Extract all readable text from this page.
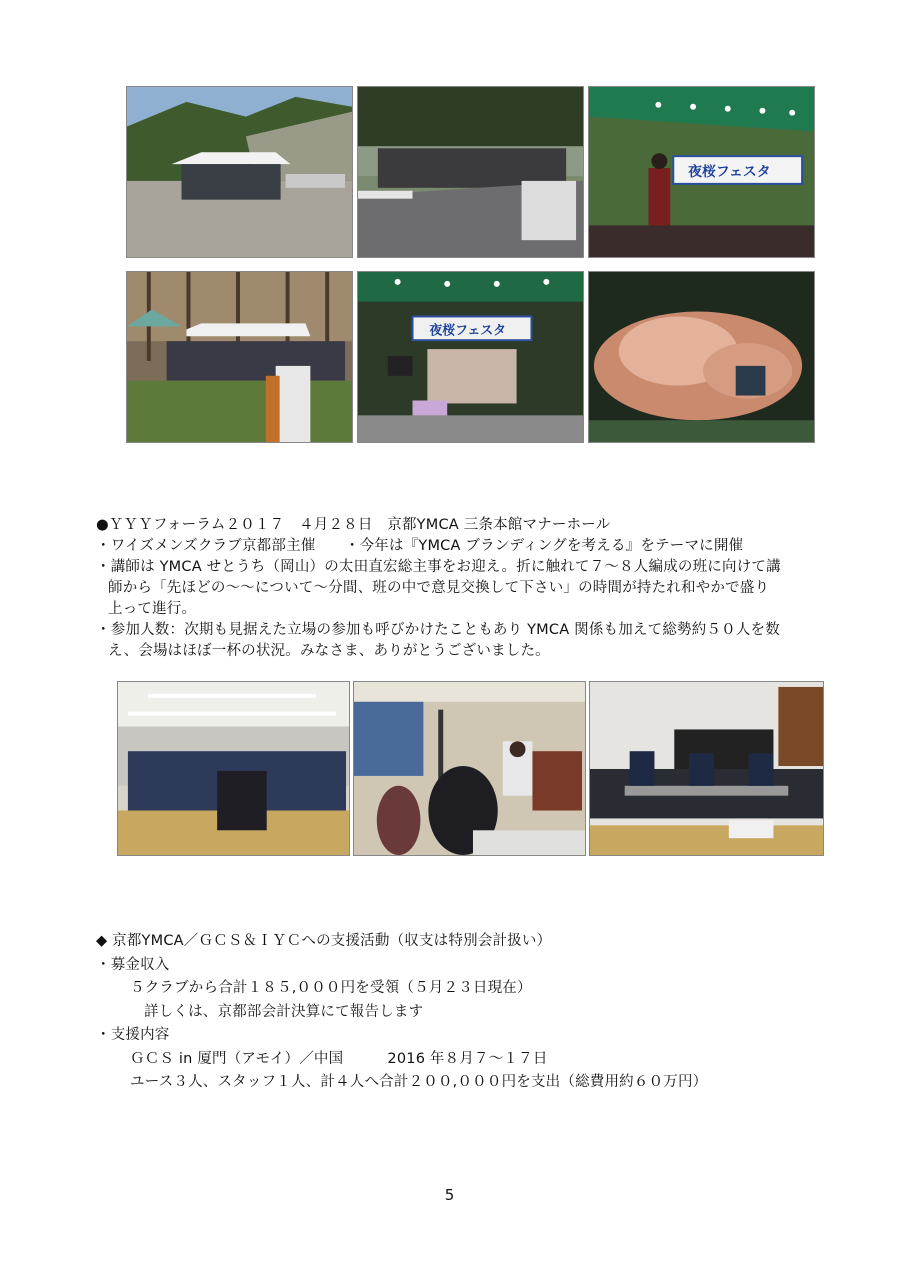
夜桜フェスタ
夜桜フェスタ
●ＹＹＹフォーラム２０１７　４月２８日　京都YMCA 三条本館マナーホール
・ワイズメンズクラブ京都部主催　　・今年は『YMCA ブランディングを考える』をテーマに開催
・講師は YMCA せとうち（岡山）の太田直宏総主事をお迎え。折に触れて７～８人編成の班に向けて講
師から「先ほどの～～について～分間、班の中で意見交換して下さい」の時間が持たれ和やかで盛り
上って進行。
・参加人数：次期も見据えた立場の参加も呼びかけたこともあり YMCA 関係も加えて総勢約５０人を数
え、会場はほぼ一杯の状況。みなさま、ありがとうございました。
◆ 京都YMCA／ＧＣＳ＆ＩＹＣへの支援活動（収支は特別会計扱い）
・募金収入
５クラブから合計１８５,０００円を受領（５月２３日現在）
詳しくは、京都部会計決算にて報告します
・支援内容
ＧＣＳ in 厦門（アモイ）／中国　　　2016 年８月７～１７日
ユース３人、スタッフ１人、計４人へ合計２００,０００円を支出（総費用約６０万円）
5
